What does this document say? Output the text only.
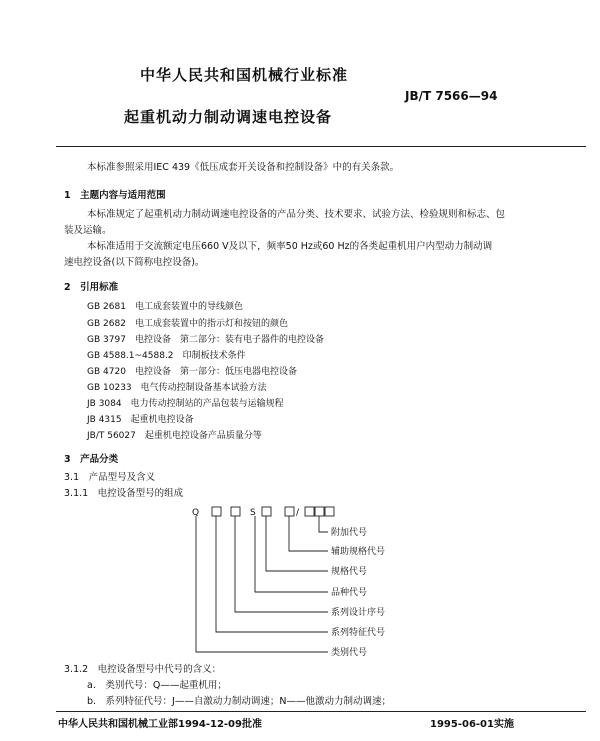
中华人民共和国机械行业标准
JB/T 7566—94
起重机动力制动调速电控设备
本标准参照采用IEC 439《低压成套开关设备和控制设备》中的有关条款。
1　主题内容与适用范围
本标准规定了起重机动力制动调速电控设备的产品分类、技术要求、试验方法、检验规则和标志、包
装及运输。
本标准适用于交流额定电压660 V及以下，频率50 Hz或60 Hz的各类起重机用户内型动力制动调
速电控设备(以下简称电控设备)。
2　引用标准
GB 2681　 电工成套装置中的导线颜色
GB 2682　 电工成套装置中的指示灯和按钮的颜色
GB 3797　 电控设备　第二部分：装有电子器件的电控设备
GB 4588.1~4588.2　 印制板技术条件
GB 4720　 电控设备　第一部分：低压电器电控设备
GB 10233　 电气传动控制设备基本试验方法
JB 3084　 电力传动控制站的产品包装与运输规程
JB 4315　 起重机电控设备
JB/T 56027　 起重机电控设备产品质量分等
3　产品分类
3.1　产品型号及含义
3.1.1　电控设备型号的组成
Q	S	/
附加代号
辅助规格代号
规格代号
品种代号
系列设计序号
系列特征代号
类别代号
3.1.2　电控设备型号中代号的含义：
a.　类别代号：Q——起重机用；
b.　系列特征代号：J——自激动力制动调速；N——他激动力制动调速；
中华人民共和国机械工业部1994-12-09批准	1995-06-01实施
